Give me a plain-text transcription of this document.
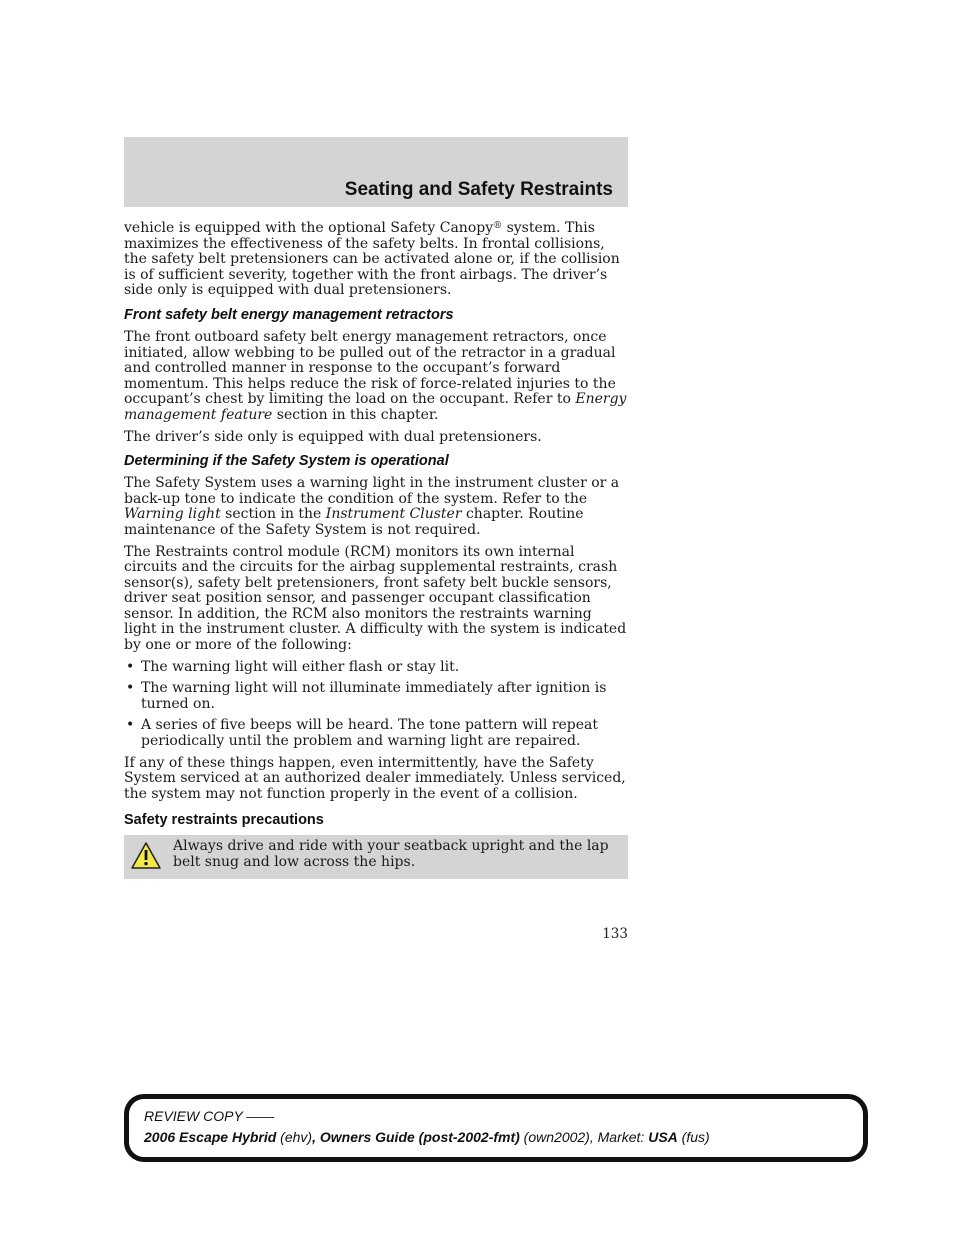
Seating and Safety Restraints

vehicle is equipped with the optional Safety Canopy® system. This maximizes the effectiveness of the safety belts. In frontal collisions, the safety belt pretensioners can be activated alone or, if the collision is of sufficient severity, together with the front airbags. The driver’s side only is equipped with dual pretensioners.

Front safety belt energy management retractors

The front outboard safety belt energy management retractors, once initiated, allow webbing to be pulled out of the retractor in a gradual and controlled manner in response to the occupant’s forward momentum. This helps reduce the risk of force-related injuries to the occupant’s chest by limiting the load on the occupant. Refer to Energy management feature section in this chapter.

The driver’s side only is equipped with dual pretensioners.

Determining if the Safety System is operational

The Safety System uses a warning light in the instrument cluster or a back-up tone to indicate the condition of the system. Refer to the Warning light section in the Instrument Cluster chapter. Routine maintenance of the Safety System is not required.

The Restraints control module (RCM) monitors its own internal circuits and the circuits for the airbag supplemental restraints, crash sensor(s), safety belt pretensioners, front safety belt buckle sensors, driver seat position sensor, and passenger occupant classification sensor. In addition, the RCM also monitors the restraints warning light in the instrument cluster. A difficulty with the system is indicated by one or more of the following:

• The warning light will either flash or stay lit.
• The warning light will not illuminate immediately after ignition is turned on.
• A series of five beeps will be heard. The tone pattern will repeat periodically until the problem and warning light are repaired.

If any of these things happen, even intermittently, have the Safety System serviced at an authorized dealer immediately. Unless serviced, the system may not function properly in the event of a collision.

Safety restraints precautions

Always drive and ride with your seatback upright and the lap belt snug and low across the hips.

133
REVIEW COPY ——
2006 Escape Hybrid (ehv), Owners Guide (post-2002-fmt) (own2002), Market: USA (fus)
